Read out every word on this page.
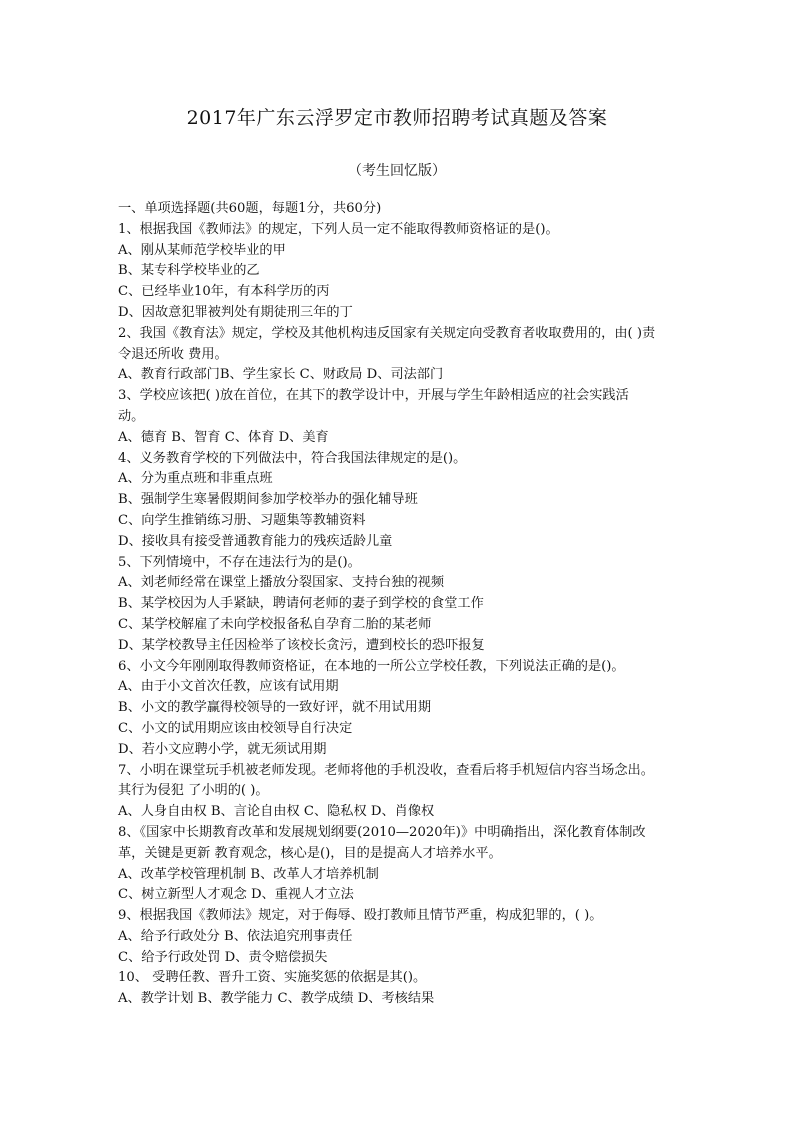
2017年广东云浮罗定市教师招聘考试真题及答案
（考生回忆版）
一、单项选择题(共60题，每题1分，共60分)
1、根据我国《教师法》的规定，下列人员一定不能取得教师资格证的是()。
A、刚从某师范学校毕业的甲
B、某专科学校毕业的乙
C、已经毕业10年，有本科学历的丙
D、因故意犯罪被判处有期徒刑三年的丁
2、我国《教育法》规定，学校及其他机构违反国家有关规定向受教育者收取费用的，由( )责
令退还所收 费用。
A、教育行政部门B、学生家长 C、财政局 D、司法部门
3、学校应该把( )放在首位，在其下的教学设计中，开展与学生年龄相适应的社会实践活
动。
A、德育 B、智育 C、体育 D、美育
4、义务教育学校的下列做法中，符合我国法律规定的是()。
A、分为重点班和非重点班
B、强制学生寒暑假期间参加学校举办的强化辅导班
C、向学生推销练习册、习题集等教辅资料
D、接收具有接受普通教育能力的残疾适龄儿童
5、下列情境中，不存在违法行为的是()。
A、刘老师经常在课堂上播放分裂国家、支持台独的视频
B、某学校因为人手紧缺，聘请何老师的妻子到学校的食堂工作
C、某学校解雇了未向学校报备私自孕育二胎的某老师
D、某学校教导主任因检举了该校长贪污，遭到校长的恐吓报复
6、小文今年刚刚取得教师资格证，在本地的一所公立学校任教，下列说法正确的是()。
A、由于小文首次任教，应该有试用期
B、小文的教学赢得校领导的一致好评，就不用试用期
C、小文的试用期应该由校领导自行决定
D、若小文应聘小学，就无须试用期
7、小明在课堂玩手机被老师发现。老师将他的手机没收，查看后将手机短信内容当场念出。
其行为侵犯 了小明的( )。
A、人身自由权 B、言论自由权 C、隐私权 D、肖像权
8、《国家中长期教育改革和发展规划纲要(2010—2020年)》中明确指出，深化教育体制改
革，关键是更新 教育观念，核心是()，目的是提高人才培养水平。
A、改革学校管理机制 B、改革人才培养机制
C、树立新型人才观念 D、重视人才立法
9、根据我国《教师法》规定，对于侮辱、殴打教师且情节严重，构成犯罪的，( )。
A、给予行政处分 B、依法追究刑事责任
C、给予行政处罚 D、责令赔偿损失
10、 受聘任教、晋升工资、实施奖惩的依据是其()。
A、教学计划 B、教学能力 C、教学成绩 D、考核结果
